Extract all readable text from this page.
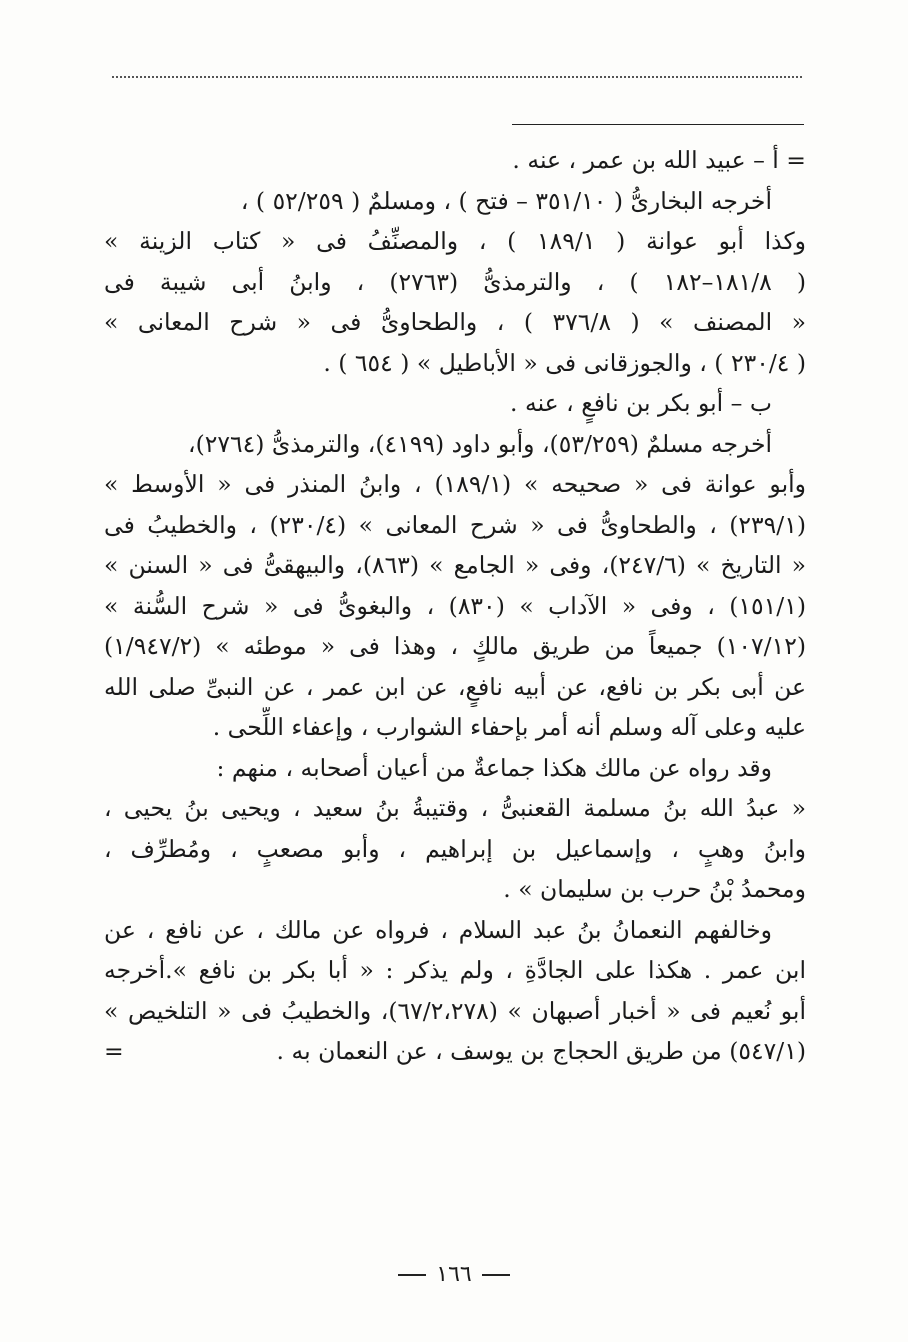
= أ – عبيد الله بن عمر ، عنه .
أخرجه البخارىُّ ( ٣٥١/١٠ – فتح ) ، ومسلمٌ ( ٥٢/٢٥٩ ) ،
وكذا أبو عوانة ( ١٨٩/١ ) ، والمصنِّفُ فى « كتاب الزينة »
( ١٨١/٨–١٨٢ ) ، والترمذىُّ (٢٧٦٣) ، وابنُ أبى شيبة فى
« المصنف » ( ٣٧٦/٨ ) ، والطحاوىُّ فى « شرح المعانى »
( ٢٣٠/٤ ) ، والجوزقانى فى « الأباطيل » ( ٦٥٤ ) .
ب – أبو بكر بن نافعٍ ، عنه .
أخرجه مسلمٌ (٥٣/٢٥٩)، وأبو داود (٤١٩٩)، والترمذىُّ (٢٧٦٤)،
وأبو عوانة فى « صحيحه » (١٨٩/١) ، وابنُ المنذر فى « الأوسط »
(٢٣٩/١) ، والطحاوىُّ فى « شرح المعانى » (٢٣٠/٤) ، والخطيبُ فى
« التاريخ » (٢٤٧/٦)، وفى « الجامع » (٨٦٣)، والبيهقىُّ فى « السنن »
(١٥١/١) ، وفى « الآداب » (٨٣٠) ، والبغوىُّ فى « شرح السُّنة »
(١٠٧/١٢) جميعاً من طريق مالكٍ ، وهذا فى « موطئه » (١/٩٤٧/٢)
عن أبى بكر بن نافع، عن أبيه نافعٍ، عن ابن عمر ، عن النبىِّ صلى الله
عليه وعلى آله وسلم أنه أمر بإحفاء الشوارب ، وإعفاء اللِّحى .
وقد رواه عن مالك هكذا جماعةٌ من أعيان أصحابه ، منهم :
« عبدُ الله بنُ مسلمة القعنبىُّ ، وقتيبةُ بنُ سعيد ، ويحيى بنُ يحيى ،
وابنُ وهبٍ ، وإسماعيل بن إبراهيم ، وأبو مصعبٍ ، ومُطرِّف ،
ومحمدُ بْنُ حرب بن سليمان » .
وخالفهم النعمانُ بنُ عبد السلام ، فرواه عن مالك ، عن نافع ، عن
ابن عمر . هكذا على الجادَّةِ ، ولم يذكر : « أبا بكر بن نافع ».أخرجه
أبو نُعيم فى « أخبار أصبهان » (٦٧/٢،٢٧٨)، والخطيبُ فى « التلخيص »
(٥٤٧/١) من طريق الحجاج بن يوسف ، عن النعمان به .
=
١٦٦
